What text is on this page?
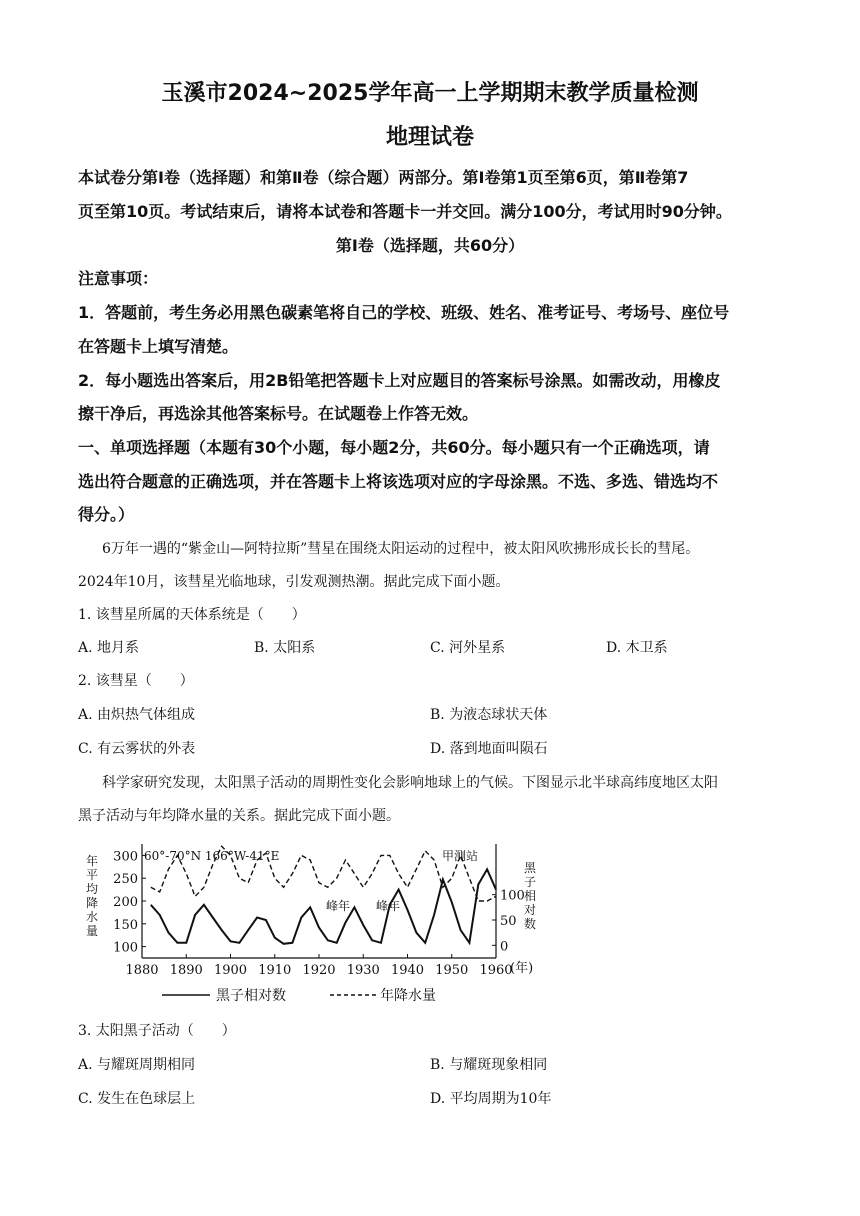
玉溪市2024~2025学年高一上学期期末教学质量检测
地理试卷
本试卷分第Ⅰ卷（选择题）和第Ⅱ卷（综合题）两部分。第Ⅰ卷第1页至第6页，第Ⅱ卷第7
页至第10页。考试结束后，请将本试卷和答题卡一并交回。满分100分，考试用时90分钟。
第Ⅰ卷（选择题，共60分）
注意事项：
1．答题前，考生务必用黑色碳素笔将自己的学校、班级、姓名、准考证号、考场号、座位号
在答题卡上填写清楚。
2．每小题选出答案后，用2B铅笔把答题卡上对应题目的答案标号涂黑。如需改动，用橡皮
擦干净后，再选涂其他答案标号。在试题卷上作答无效。
一、单项选择题（本题有30个小题，每小题2分，共60分。每小题只有一个正确选项，请
选出符合题意的正确选项，并在答题卡上将该选项对应的字母涂黑。不选、多选、错选均不
得分。）
6万年一遇的“紫金山—阿特拉斯”彗星在围绕太阳运动的过程中，被太阳风吹拂形成长长的彗尾。
2024年10月，该彗星光临地球，引发观测热潮。据此完成下面小题。
1. 该彗星所属的天体系统是（　　）
A. 地月系	B. 太阳系	C. 河外星系	D. 木卫系
2. 该彗星（　　）
A. 由炽热气体组成	B. 为液态球状天体
C. 有云雾状的外表	D. 落到地面叫陨石
科学家研究发现，太阳黑子活动的周期性变化会影响地球上的气候。下图显示北半球高纬度地区太阳
黑子活动与年均降水量的关系。据此完成下面小题。
60°-70°N 166°W-41°E	甲测站
峰年 峰年
黑子相对数	年降水量
(年)
1880 1890 1900 1910 1920 1930 1940 1950 1960
300
250
200
150
100
100
50
0
年
平
均
降
水
量
黑
子
相
对
数
3. 太阳黑子活动（　　）
A. 与耀斑周期相同	B. 与耀斑现象相同
C. 发生在色球层上	D. 平均周期为10年
